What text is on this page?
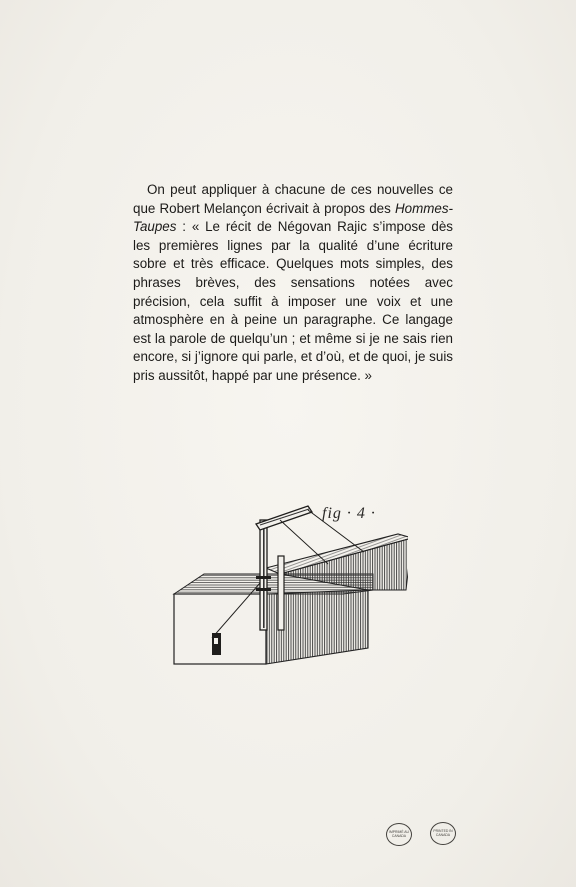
On peut appliquer à chacune de ces nouvelles ce que Robert Melançon écrivait à propos des Hommes-Taupes : « Le récit de Négovan Rajic s’impose dès les premières lignes par la qualité d’une écriture sobre et très efficace. Quelques mots simples, des phrases brèves, des sensations notées avec précision, cela suffit à imposer une voix et une atmosphère en à peine un paragraphe. Ce langage est la parole de quelqu’un ; et même si je ne sais rien encore, si j’ignore qui parle, et d’où, et de quoi, je suis pris aussitôt, happé par une présence. »

fig · 4 ·
IMPRIMÉ AU CANADA
PRINTED IN CANADA
